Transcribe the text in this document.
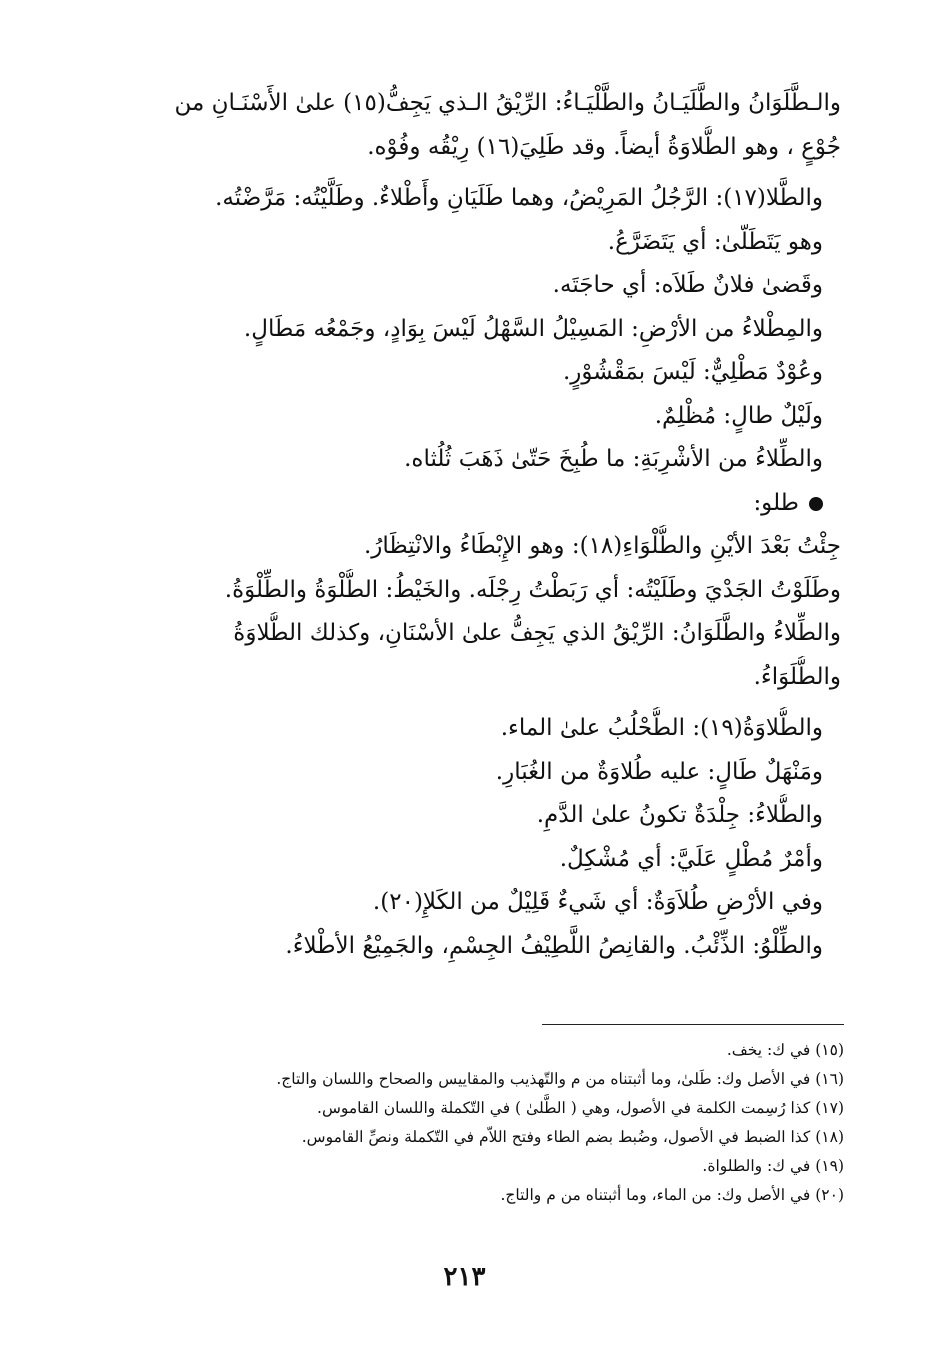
والـطَّلَوَانُ والطَّلَيَـانُ والطَّلْيَـاءُ: الرِّيْقُ الـذي يَجِفُّ(١٥) علىٰ الأَسْنَـانِ من
جُوْعٍ ، وهو الطُّلاوَةُ أيضاً. وقد طَلِيَ(١٦) رِيْقُه وفُوْه.
والطَّلا(١٧): الرَّجُلُ المَرِيْضُ، وهما طَلَيَانِ وأَطْلاءٌ. وطَلَّيْتُه: مَرَّضْتُه.
وهو يَتَطَلّىٰ: أي يَتَضَرَّعُ.
وقَضىٰ فلانٌ طَلاَه: أي حاجَتَه.
والمِطْلاءُ من الأرْضِ: المَسِيْلُ السَّهْلُ لَيْسَ بِوَادٍ، وجَمْعُه مَطَالٍ.
وعُوْدٌ مَطْلِيٌّ: لَيْسَ بمَقْشُوْرٍ.
ولَيْلٌ طالٍ: مُظْلِمٌ.
والطِّلاءُ من الأشْرِبَةِ: ما طُبِخَ حَتّىٰ ذَهَبَ ثُلُثاه.
طلو:
جِئْتُ بَعْدَ الأيْنِ والطُّلْوَاءِ(١٨): وهو الإِبْطَاءُ والانْتِظَارُ.
وطَلَوْتُ الجَدْيَ وطَلَيْتُه: أي رَبَطْتُ رِجْلَه. والخَيْطُ: الطُّلْوَةُ والطِّلْوَةُ.
والطِّلاءُ والطَّلَوَانُ: الرِّيْقُ الذي يَجِفُّ علىٰ الأسْنَانِ، وكذلك الطُّلاوَةُ
والطُّلَوَاءُ.
والطُّلاوَةُ(١٩): الطُّحْلُبُ علىٰ الماء.
ومَنْهَلٌ طَالٍ: عليه طُلاوَةٌ من الغُبَارِ.
والطُّلاءُ: جِلْدَةٌ تكونُ علىٰ الدَّمِ.
وأمْرٌ مُطْلٍ عَلَيَّ: أي مُشْكِلٌ.
وفي الأرْضِ طُلاَوَةٌ: أي شَيءٌ قَلِيْلٌ من الكَلإِ(٢٠).
والطِّلْوُ: الذِّئْبُ. والقانِصُ اللَّطِيْفُ الجِسْمِ، والجَمِيْعُ الأطْلاءُ.
(١٥) في ك: يخف.
(١٦) في الأصل وك: طَلىٰ، وما أثبتناه من م والتّهذيب والمقاييس والصحاح واللسان والتاج.
(١٧) كذا رُسِمت الكلمة في الأصول، وهي ( الطَّلىٰ ) في التّكملة واللسان القاموس.
(١٨) كذا الضبط في الأصول، وضُبط بضم الطاء وفتح اللاّم في التّكملة ونصِّ القاموس.
(١٩) في ك: والطلواة.
(٢٠) في الأصل وك: من الماء، وما أثبتناه من م والتاج.
٢١٣
